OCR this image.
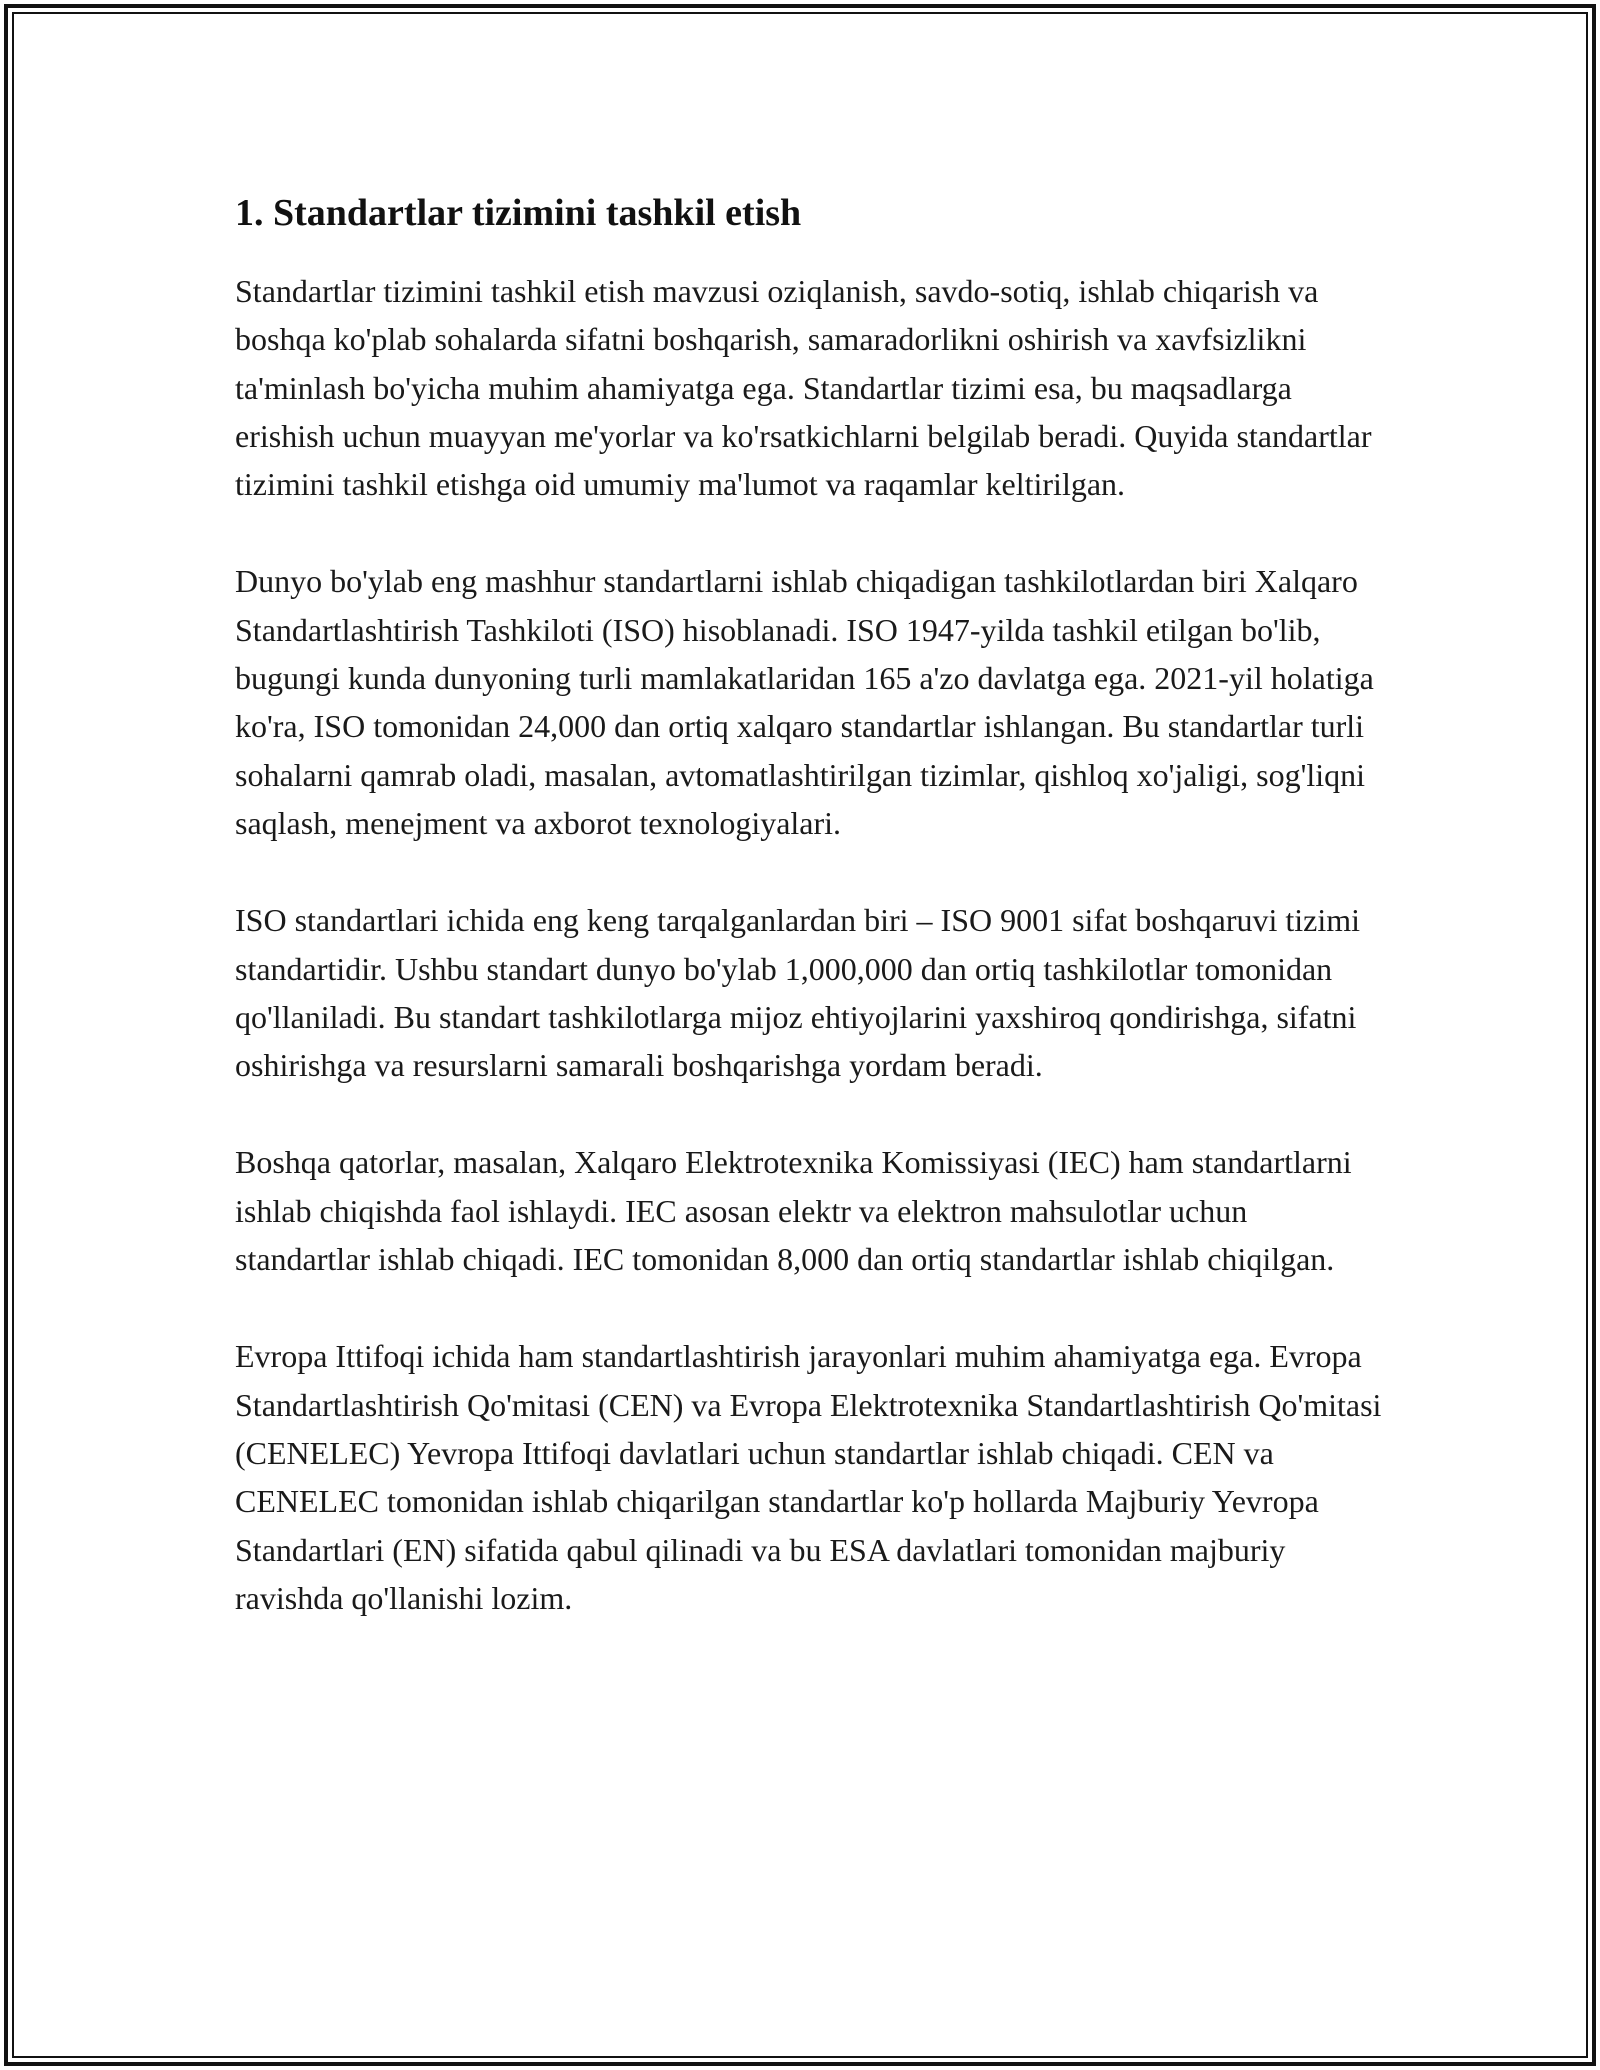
1. Standartlar tizimini tashkil etish

Standartlar tizimini tashkil etish mavzusi oziqlanish, savdo-sotiq, ishlab chiqarish va boshqa ko'plab sohalarda sifatni boshqarish, samaradorlikni oshirish va xavfsizlikni ta'minlash bo'yicha muhim ahamiyatga ega. Standartlar tizimi esa, bu maqsadlarga erishish uchun muayyan me'yorlar va ko'rsatkichlarni belgilab beradi. Quyida standartlar tizimini tashkil etishga oid umumiy ma'lumot va raqamlar keltirilgan.

Dunyo bo'ylab eng mashhur standartlarni ishlab chiqadigan tashkilotlardan biri Xalqaro Standartlashtirish Tashkiloti (ISO) hisoblanadi. ISO 1947-yilda tashkil etilgan bo'lib, bugungi kunda dunyoning turli mamlakatlaridan 165 a'zo davlatga ega. 2021-yil holatiga ko'ra, ISO tomonidan 24,000 dan ortiq xalqaro standartlar ishlangan. Bu standartlar turli sohalarni qamrab oladi, masalan, avtomatlashtirilgan tizimlar, qishloq xo'jaligi, sog'liqni saqlash, menejment va axborot texnologiyalari.

ISO standartlari ichida eng keng tarqalganlardan biri – ISO 9001 sifat boshqaruvi tizimi standartidir. Ushbu standart dunyo bo'ylab 1,000,000 dan ortiq tashkilotlar tomonidan qo'llaniladi. Bu standart tashkilotlarga mijoz ehtiyojlarini yaxshiroq qondirishga, sifatni oshirishga va resurslarni samarali boshqarishga yordam beradi.

Boshqa qatorlar, masalan, Xalqaro Elektrotexnika Komissiyasi (IEC) ham standartlarni ishlab chiqishda faol ishlaydi. IEC asosan elektr va elektron mahsulotlar uchun standartlar ishlab chiqadi. IEC tomonidan 8,000 dan ortiq standartlar ishlab chiqilgan.

Evropa Ittifoqi ichida ham standartlashtirish jarayonlari muhim ahamiyatga ega. Evropa Standartlashtirish Qo'mitasi (CEN) va Evropa Elektrotexnika Standartlashtirish Qo'mitasi (CENELEC) Yevropa Ittifoqi davlatlari uchun standartlar ishlab chiqadi. CEN va CENELEC tomonidan ishlab chiqarilgan standartlar ko'p hollarda Majburiy Yevropa Standartlari (EN) sifatida qabul qilinadi va bu ESA davlatlari tomonidan majburiy ravishda qo'llanishi lozim.
